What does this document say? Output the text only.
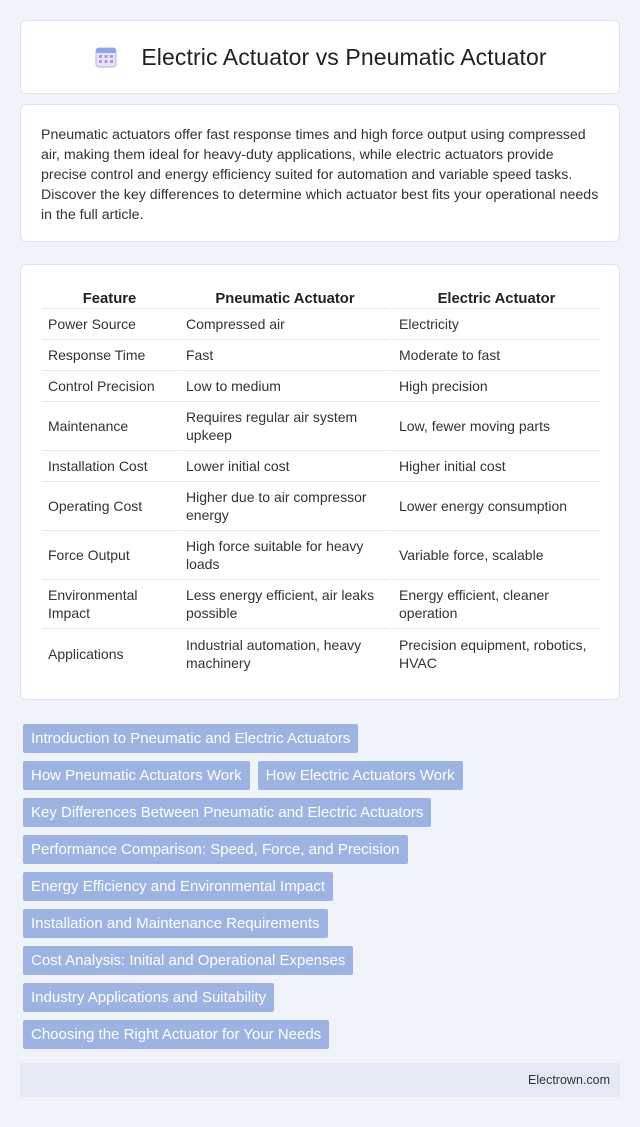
Electric Actuator vs Pneumatic Actuator

Pneumatic actuators offer fast response times and high force output using compressed air, making them ideal for heavy-duty applications, while electric actuators provide precise control and energy efficiency suited for automation and variable speed tasks. Discover the key differences to determine which actuator best fits your operational needs in the full article.

Feature	Pneumatic Actuator	Electric Actuator
Power Source	Compressed air	Electricity
Response Time	Fast	Moderate to fast
Control Precision	Low to medium	High precision
Maintenance	Requires regular air system upkeep	Low, fewer moving parts
Installation Cost	Lower initial cost	Higher initial cost
Operating Cost	Higher due to air compressor energy	Lower energy consumption
Force Output	High force suitable for heavy loads	Variable force, scalable
Environmental Impact	Less energy efficient, air leaks possible	Energy efficient, cleaner operation
Applications	Industrial automation, heavy machinery	Precision equipment, robotics, HVAC
Introduction to Pneumatic and Electric Actuators
How Pneumatic Actuators Work	How Electric Actuators Work
Key Differences Between Pneumatic and Electric Actuators
Performance Comparison: Speed, Force, and Precision
Energy Efficiency and Environmental Impact
Installation and Maintenance Requirements
Cost Analysis: Initial and Operational Expenses
Industry Applications and Suitability
Choosing the Right Actuator for Your Needs
Electrown.com
